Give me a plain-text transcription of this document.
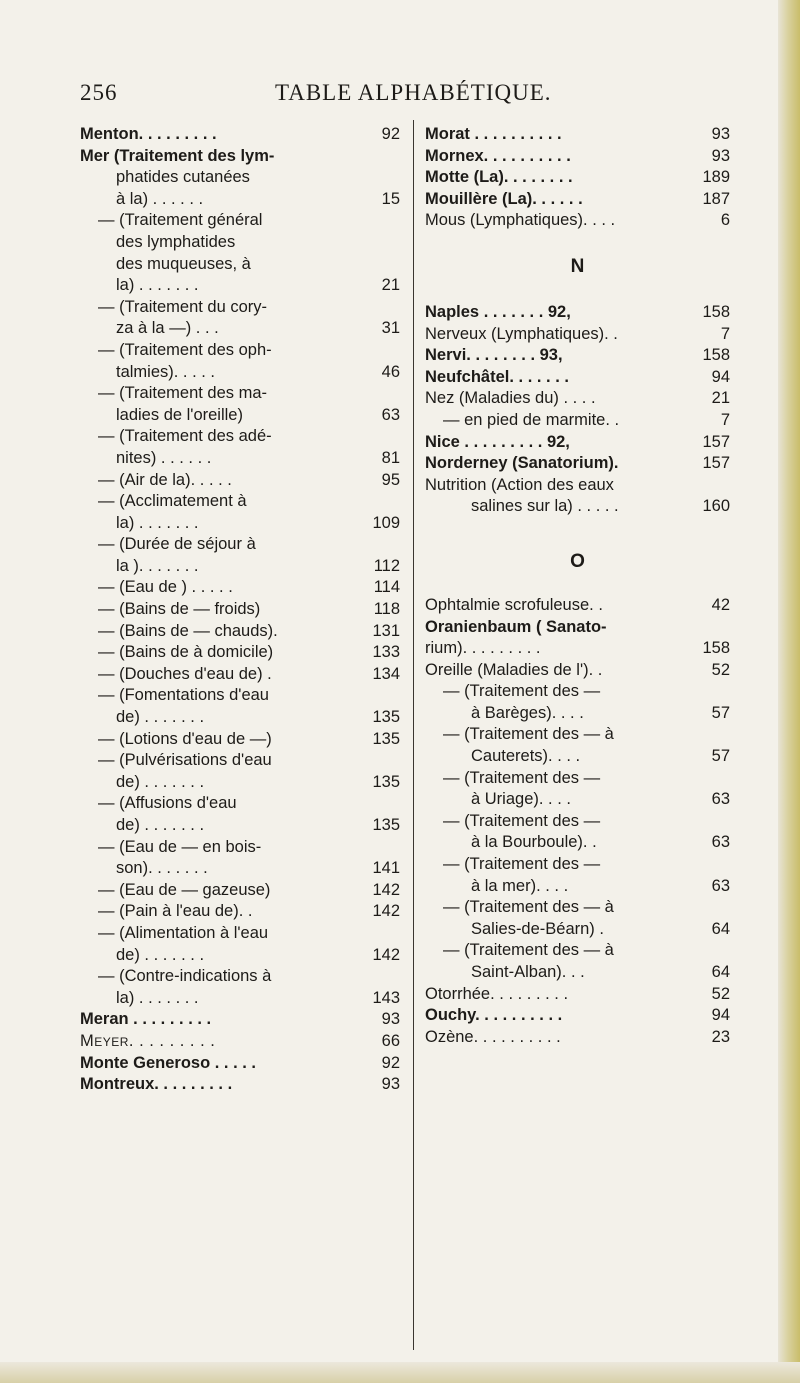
256	TABLE ALPHABÉTIQUE.
Menton. . . . . . . . .	92
Mer (Traitement des lym-
phatides cutanées
à la) . . . . . .	15
— (Traitement général
des lymphatides
des muqueuses, à
la) . . . . . . .	21
— (Traitement du cory-
za à la —) . . .	31
— (Traitement des oph-
talmies). . . . .	46
— (Traitement des ma-
ladies de l'oreille)	63
— (Traitement des adé-
nites) . . . . . .	81
— (Air de la). . . . .	95
— (Acclimatement à
la) . . . . . . .	109
— (Durée de séjour à
la ). . . . . . .	112
— (Eau de ) . . . . .	114
— (Bains de — froids)	118
— (Bains de — chauds).	131
— (Bains de à domicile)	133
— (Douches d'eau de) .	134
— (Fomentations d'eau
de) . . . . . . .	135
— (Lotions d'eau de —)	135
— (Pulvérisations d'eau
de) . . . . . . .	135
— (Affusions d'eau
de) . . . . . . .	135
— (Eau de — en bois-
son). . . . . . .	141
— (Eau de — gazeuse)	142
— (Pain à l'eau de). .	142
— (Alimentation à l'eau
de) . . . . . . .	142
— (Contre-indications à
la) . . . . . . .	143
Meran . . . . . . . . .	93
Meyer. . . . . . . . .	66
Monte Generoso . . . . .	92
Montreux. . . . . . . . .	93
Morat . . . . . . . . . .	93
Mornex. . . . . . . . . .	93
Motte (La). . . . . . . .	189
Mouillère (La). . . . . .	187
Mous (Lymphatiques). . . .	6
N
Naples . . . . . . . 92,	158
Nerveux (Lymphatiques). .	7
Nervi. . . . . . . . 93,	158
Neufchâtel. . . . . . .	94
Nez (Maladies du) . . . .	21
— en pied de marmite. .	7
Nice . . . . . . . . . 92,	157
Norderney (Sanatorium).	157
Nutrition (Action des eaux
salines sur la) . . . . .	160
O
Ophtalmie scrofuleuse. .	42
Oranienbaum ( Sanato-
rium). . . . . . . . .	158
Oreille (Maladies de l'). .	52
— (Traitement des —
à Barèges). . . .	57
— (Traitement des — à
Cauterets). . . .	57
— (Traitement des —
à Uriage). . . .	63
— (Traitement des —
à la Bourboule). .	63
— (Traitement des —
à la mer). . . .	63
— (Traitement des — à
Salies-de-Béarn) .	64
— (Traitement des — à
Saint-Alban). . .	64
Otorrhée. . . . . . . . .	52
Ouchy. . . . . . . . . .	94
Ozène. . . . . . . . . .	23
